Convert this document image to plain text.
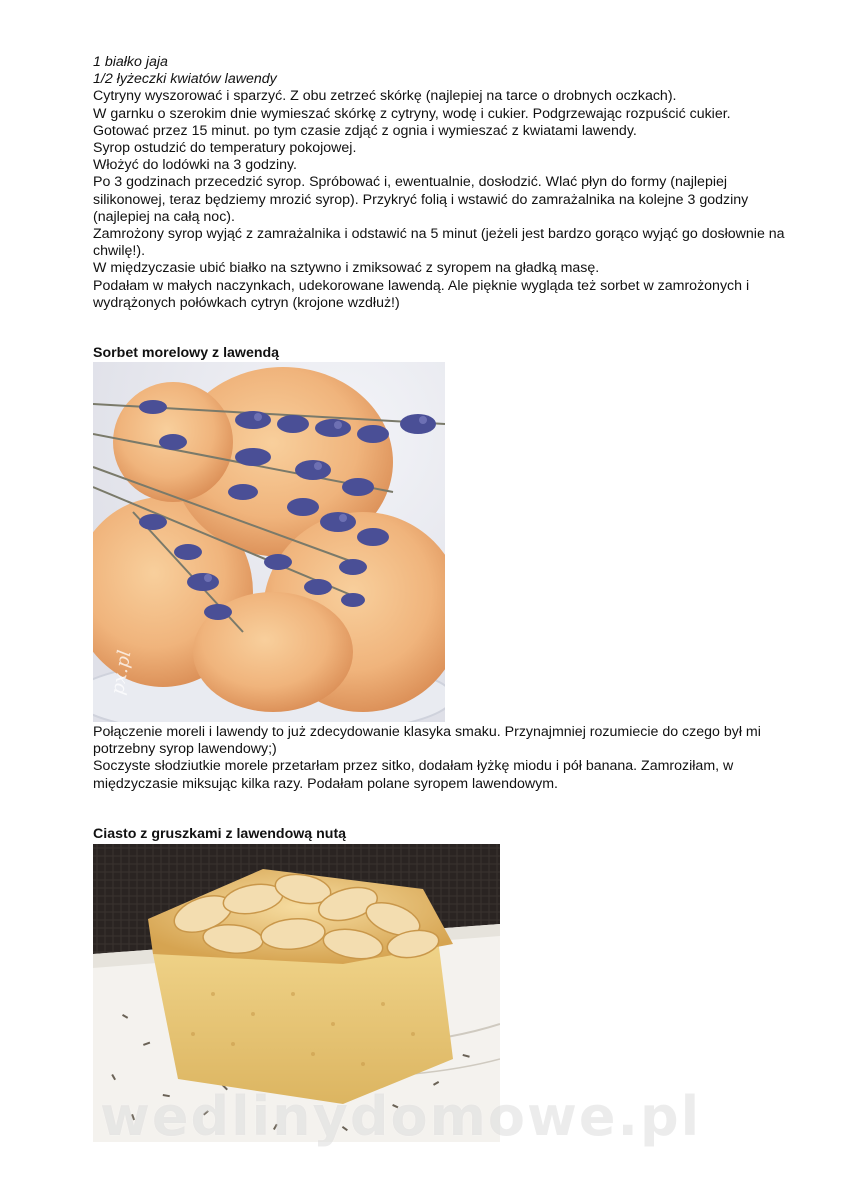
1 białko jaja

1/2 łyżeczki kwiatów lawendy

Cytryny wyszorować i sparzyć. Z obu zetrzeć skórkę (najlepiej na tarce o drobnych oczkach).

W garnku o szerokim dnie wymieszać skórkę z cytryny, wodę i cukier. Podgrzewając rozpuścić cukier.

Gotować przez 15 minut. po tym czasie zdjąć z ognia i wymieszać z kwiatami lawendy.

Syrop ostudzić do temperatury pokojowej.

Włożyć do lodówki na 3 godziny.

Po 3 godzinach przecedzić syrop. Spróbować i, ewentualnie, dosłodzić. Wlać płyn do formy (najlepiej silikonowej, teraz będziemy mrozić syrop). Przykryć folią i wstawić do zamrażalnika na kolejne 3 godziny (najlepiej na całą noc).

Zamrożony syrop wyjąć z zamrażalnika i odstawić na 5 minut (jeżeli jest bardzo gorąco wyjąć go dosłownie na chwilę!).

W międzyczasie ubić białko na sztywno i zmiksować z syropem na gładką masę.

Podałam w małych naczynkach, udekorowane lawendą. Ale pięknie wygląda też sorbet w zamrożonych i wydrążonych połówkach cytryn (krojone wzdłuż!)

Sorbet morelowy z lawendą
px.pl

Połączenie moreli i lawendy to już zdecydowanie klasyka smaku. Przynajmniej rozumiecie do czego był mi potrzebny syrop lawendowy;)

Soczyste słodziutkie morele przetarłam przez sitko, dodałam łyżkę miodu i pół banana. Zamroziłam, w międzyczasie miksując kilka razy. Podałam polane syropem lawendowym.

Ciasto z gruszkami z lawendową nutą
wedlinydomowe.pl
